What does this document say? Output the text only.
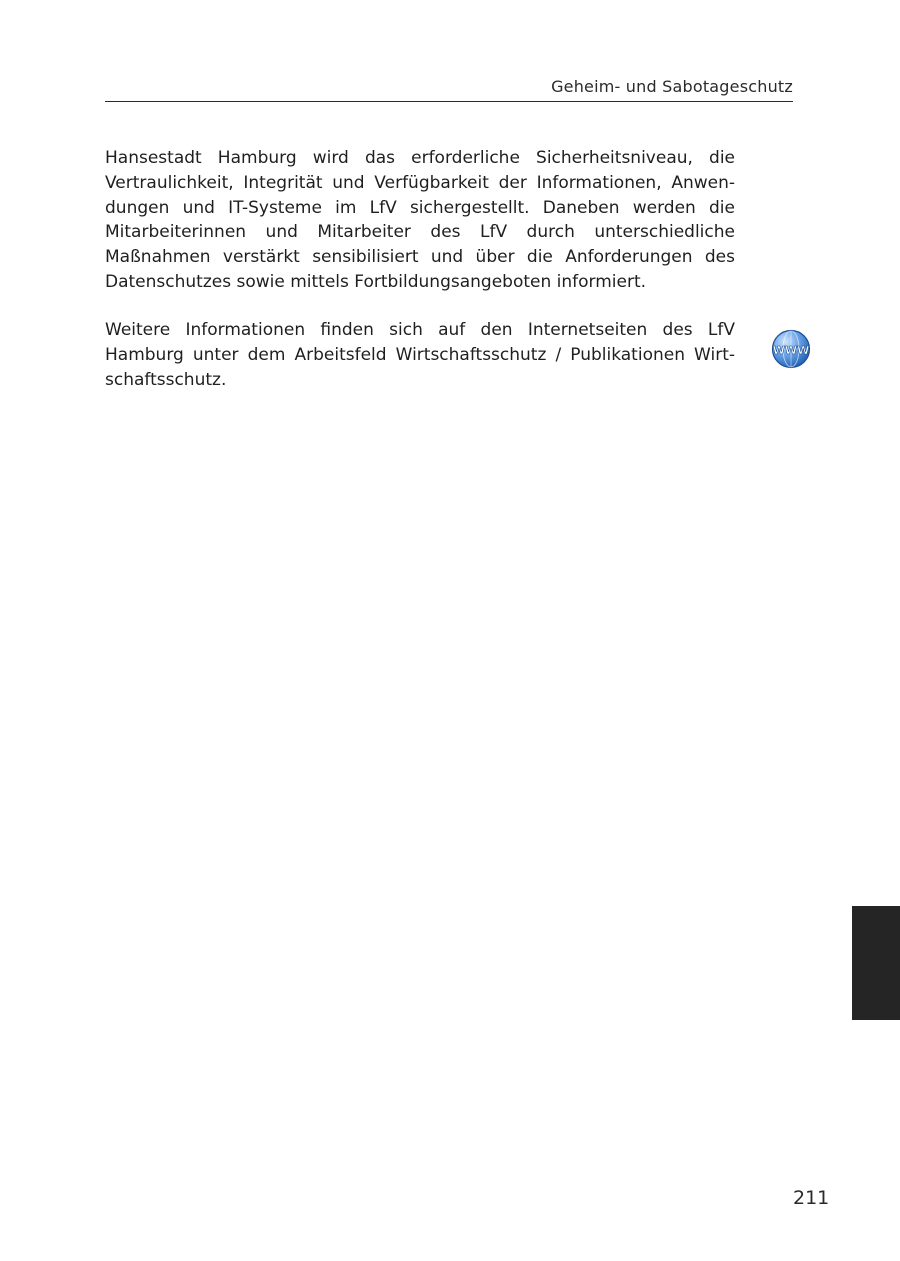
Geheim- und Sabotageschutz
Hansestadt Hamburg wird das erforderliche Sicherheitsniveau, die
Vertraulichkeit, Integrität und Verfügbarkeit der Informationen, Anwen-
dungen und IT-Systeme im LfV sichergestellt. Daneben werden die
Mitarbeiterinnen und Mitarbeiter des LfV durch unterschiedliche
Maßnahmen verstärkt sensibilisiert und über die Anforderungen des
Datenschutzes sowie mittels Fortbildungsangeboten informiert.
Weitere Informationen finden sich auf den Internetseiten des LfV
Hamburg unter dem Arbeitsfeld Wirtschaftsschutz / Publikationen Wirt-
schaftsschutz.
WWW
211
